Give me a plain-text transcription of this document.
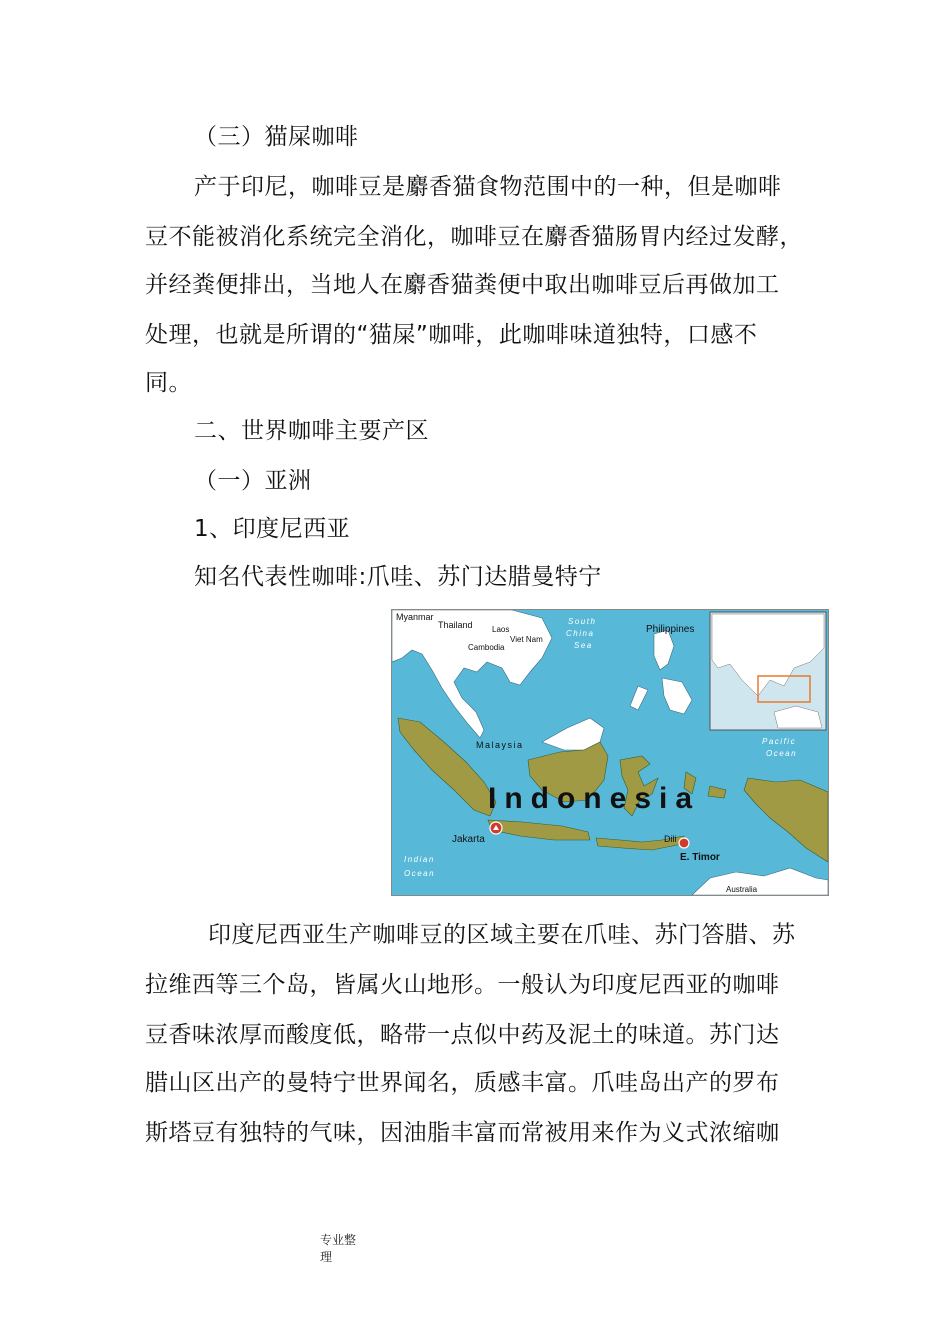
（三）猫屎咖啡
产于印尼，咖啡豆是麝香猫食物范围中的一种，但是咖啡
豆不能被消化系统完全消化，咖啡豆在麝香猫肠胃内经过发酵，
并经粪便排出，当地人在麝香猫粪便中取出咖啡豆后再做加工
处理，也就是所谓的“猫屎”咖啡，此咖啡味道独特，口感不
同。
二、世界咖啡主要产区
（一）亚洲
1、印度尼西亚
知名代表性咖啡:爪哇、苏门达腊曼特宁
Myanmar
Thailand Laos
Viet Nam
Cambodia
South
China
Sea
Philippines
Malaysia
Indonesia
Jakarta	Dili
E. Timor
Pacific
Ocean
Indian
Ocean
Australia
印度尼西亚生产咖啡豆的区域主要在爪哇、苏门答腊、苏
拉维西等三个岛，皆属火山地形。一般认为印度尼西亚的咖啡
豆香味浓厚而酸度低，略带一点似中药及泥土的味道。苏门达
腊山区出产的曼特宁世界闻名，质感丰富。爪哇岛出产的罗布
斯塔豆有独特的气味，因油脂丰富而常被用来作为义式浓缩咖
专业整
理
